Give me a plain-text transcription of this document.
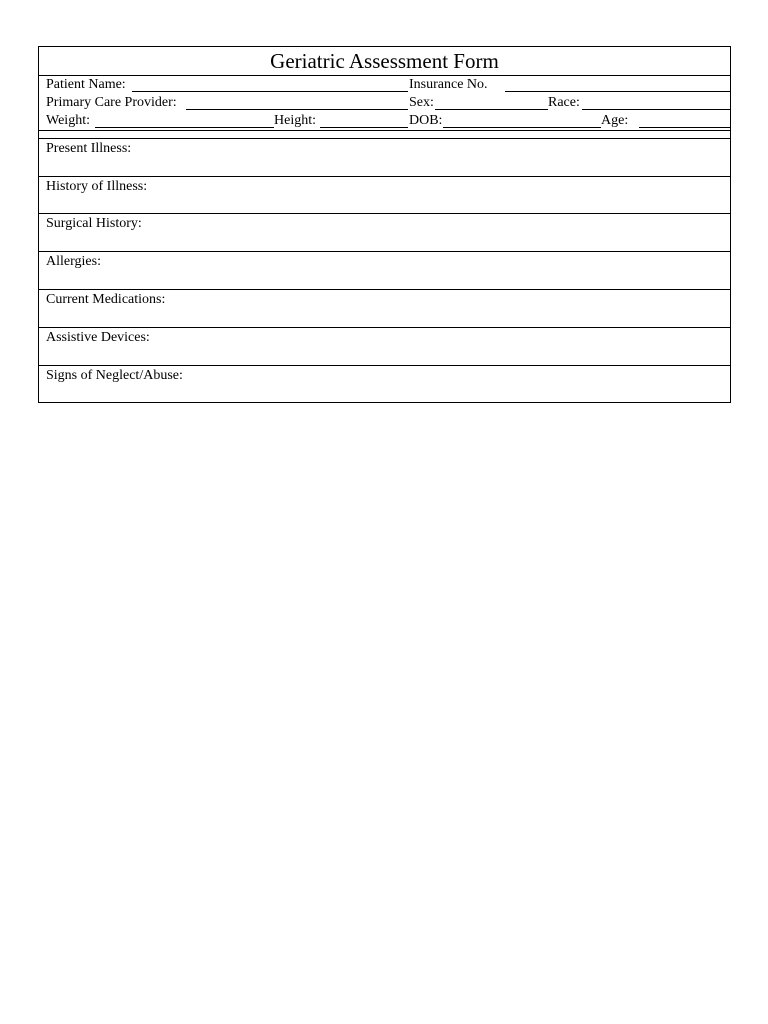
Geriatric Assessment Form
Patient Name:	Insurance No.
Primary Care Provider:	Sex:	Race:
Weight:	Height:	DOB:	Age:
Present Illness:
History of Illness:
Surgical History:
Allergies:
Current Medications:
Assistive Devices:
Signs of Neglect/Abuse:
